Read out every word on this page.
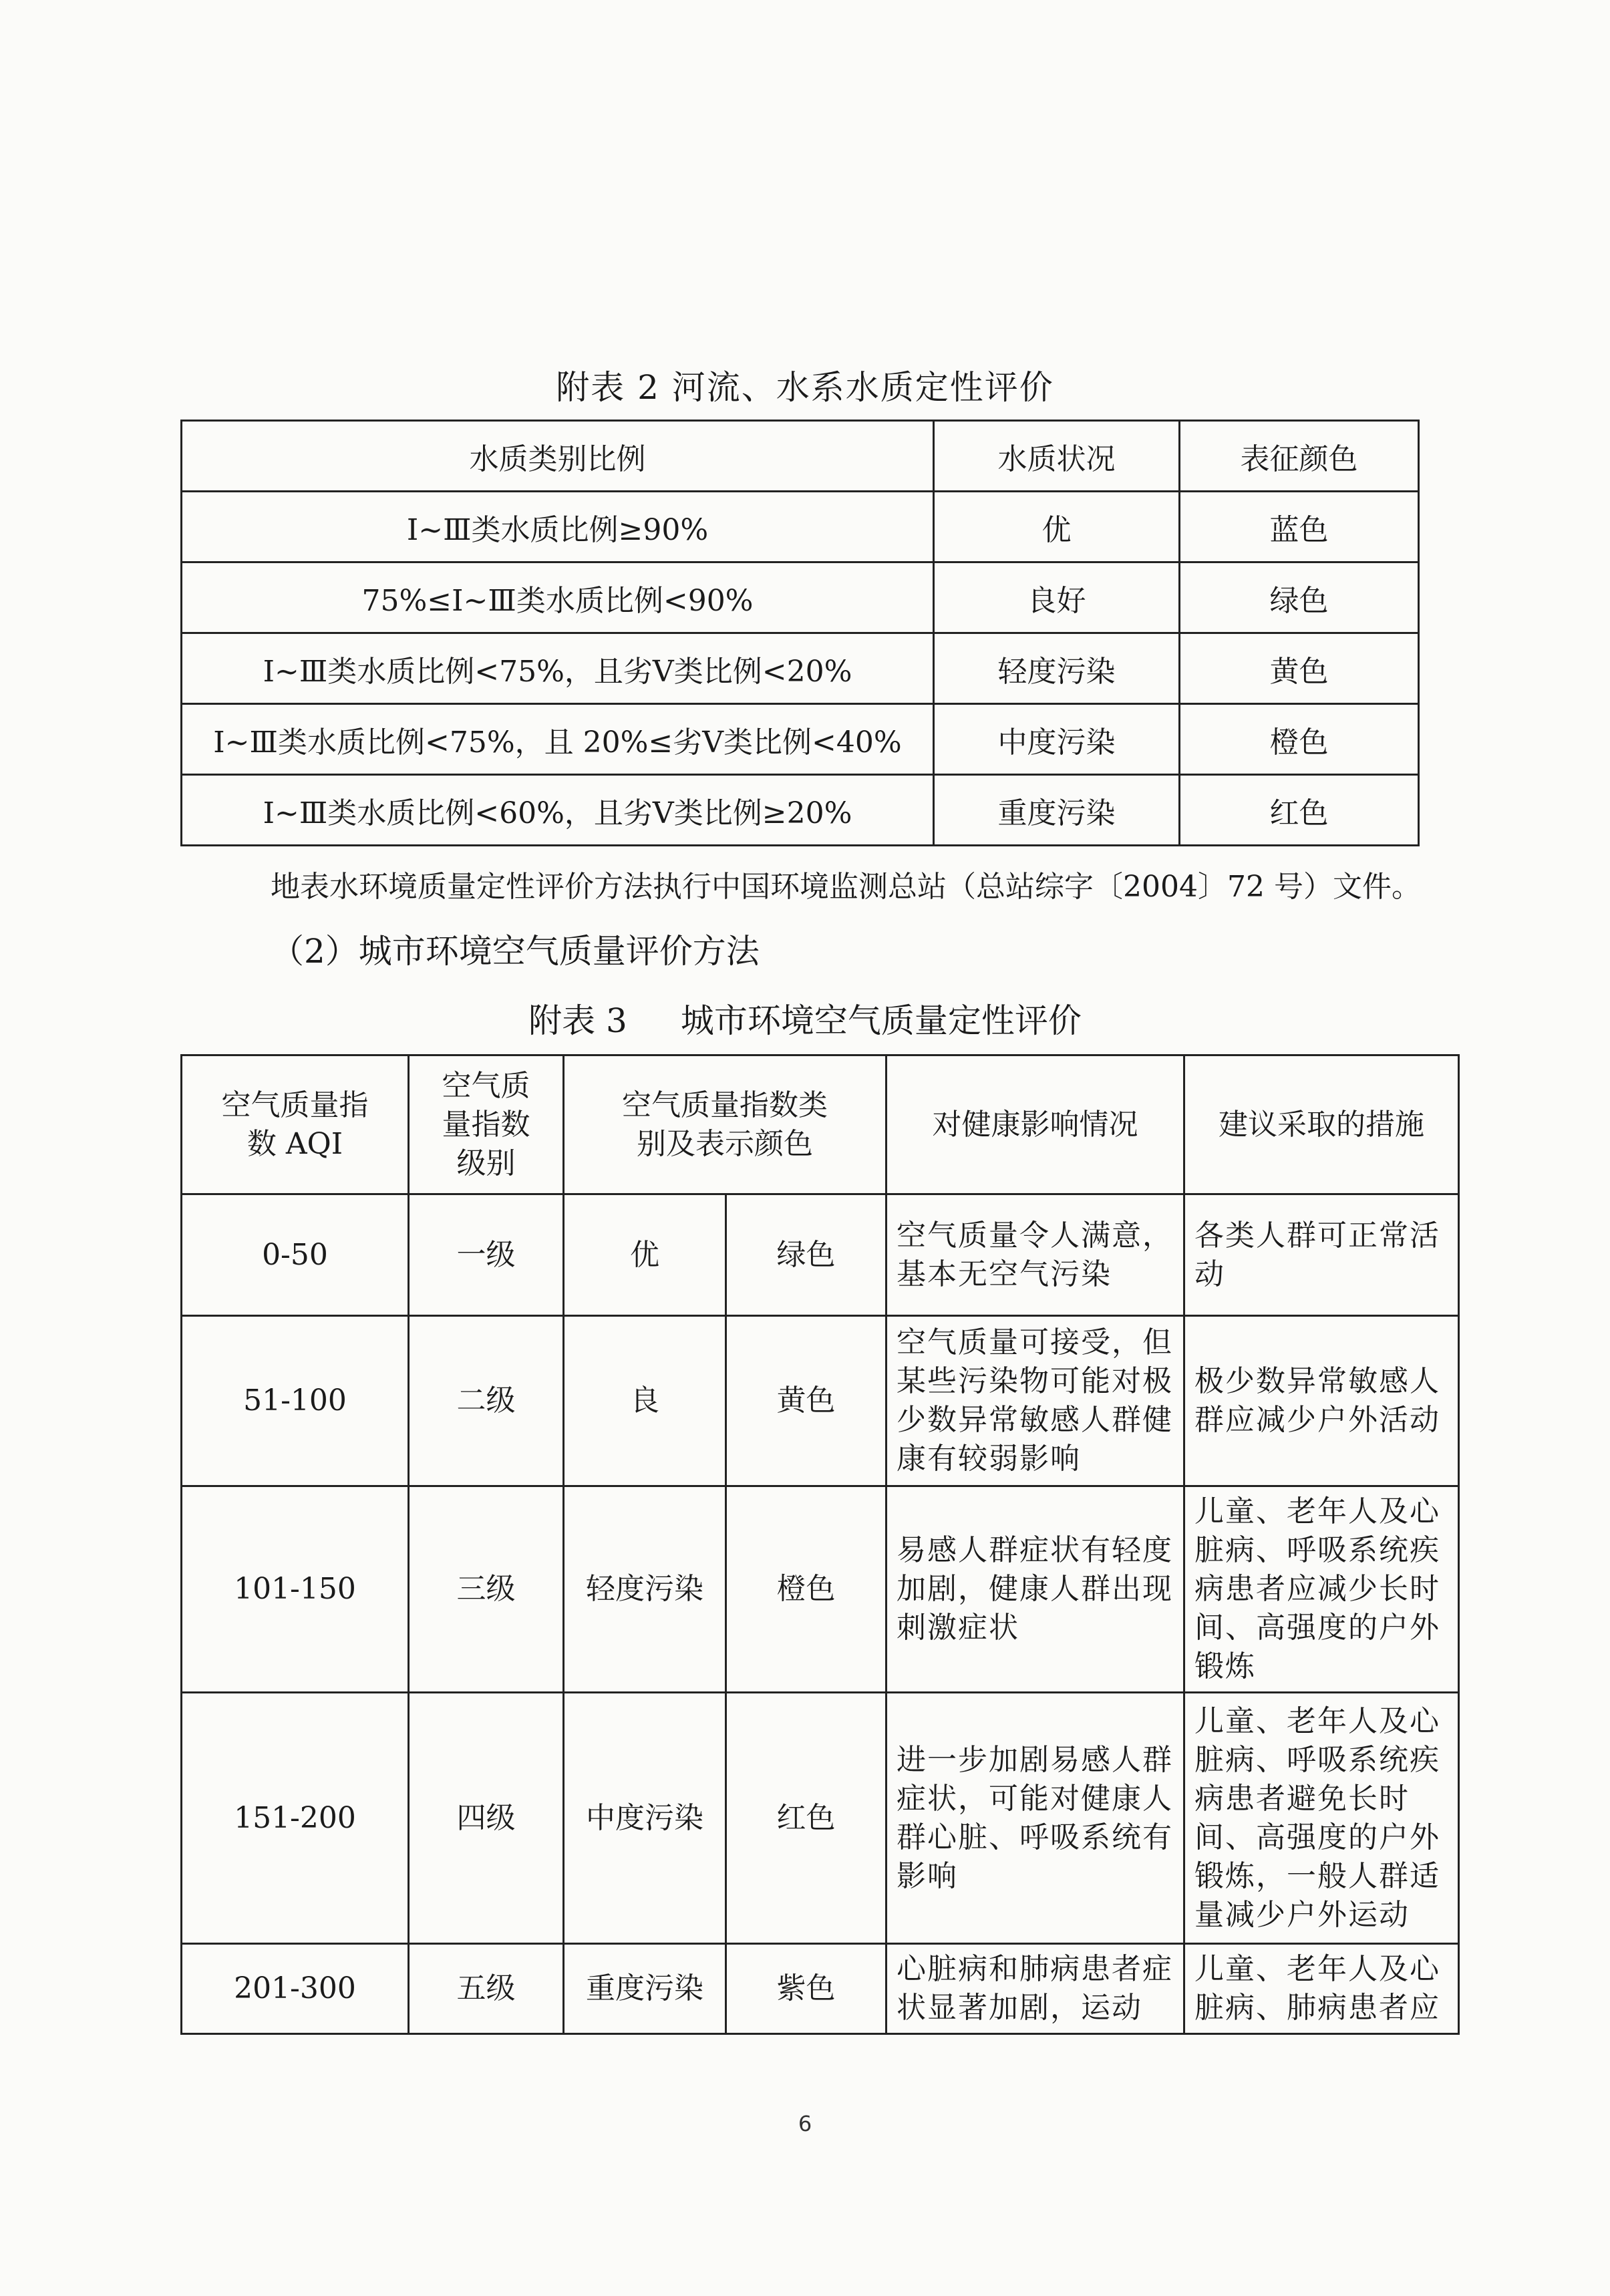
附表 2 河流、水系水质定性评价
水质类别比例	水质状况	表征颜色
Ⅰ~Ⅲ类水质比例≥90%	优	蓝色
75%≤Ⅰ~Ⅲ类水质比例<90%	良好	绿色
Ⅰ~Ⅲ类水质比例<75%，且劣Ⅴ类比例<20%	轻度污染	黄色
Ⅰ~Ⅲ类水质比例<75%，且 20%≤劣Ⅴ类比例<40%	中度污染	橙色
Ⅰ~Ⅲ类水质比例<60%，且劣Ⅴ类比例≥20%	重度污染	红色
地表水环境质量定性评价方法执行中国环境监测总站（总站综字〔2004〕72 号）文件。
（2）城市环境空气质量评价方法
附表 3 城市环境空气质量定性评价
空气质量指数 AQI	空气质量指数级别	空气质量指数类别及表示颜色		对健康影响情况	建议采取的措施

0-50	一级	优	绿色	空气质量令人满意，基本无空气污染	各类人群可正常活动
51-100	二级	良	黄色	空气质量可接受，但某些污染物可能对极少数异常敏感人群健康有较弱影响	极少数异常敏感人群应减少户外活动
101-150	三级	轻度污染	橙色	易感人群症状有轻度加剧，健康人群出现刺激症状	儿童、老年人及心脏病、呼吸系统疾病患者应减少长时间、高强度的户外锻炼
151-200	四级	中度污染	红色	进一步加剧易感人群症状，可能对健康人群心脏、呼吸系统有影响	儿童、老年人及心脏病、呼吸系统疾病患者避免长时间、高强度的户外锻炼，一般人群适量减少户外运动
201-300	五级	重度污染	紫色	心脏病和肺病患者症状显著加剧，运动	儿童、老年人及心脏病、肺病患者应
6
